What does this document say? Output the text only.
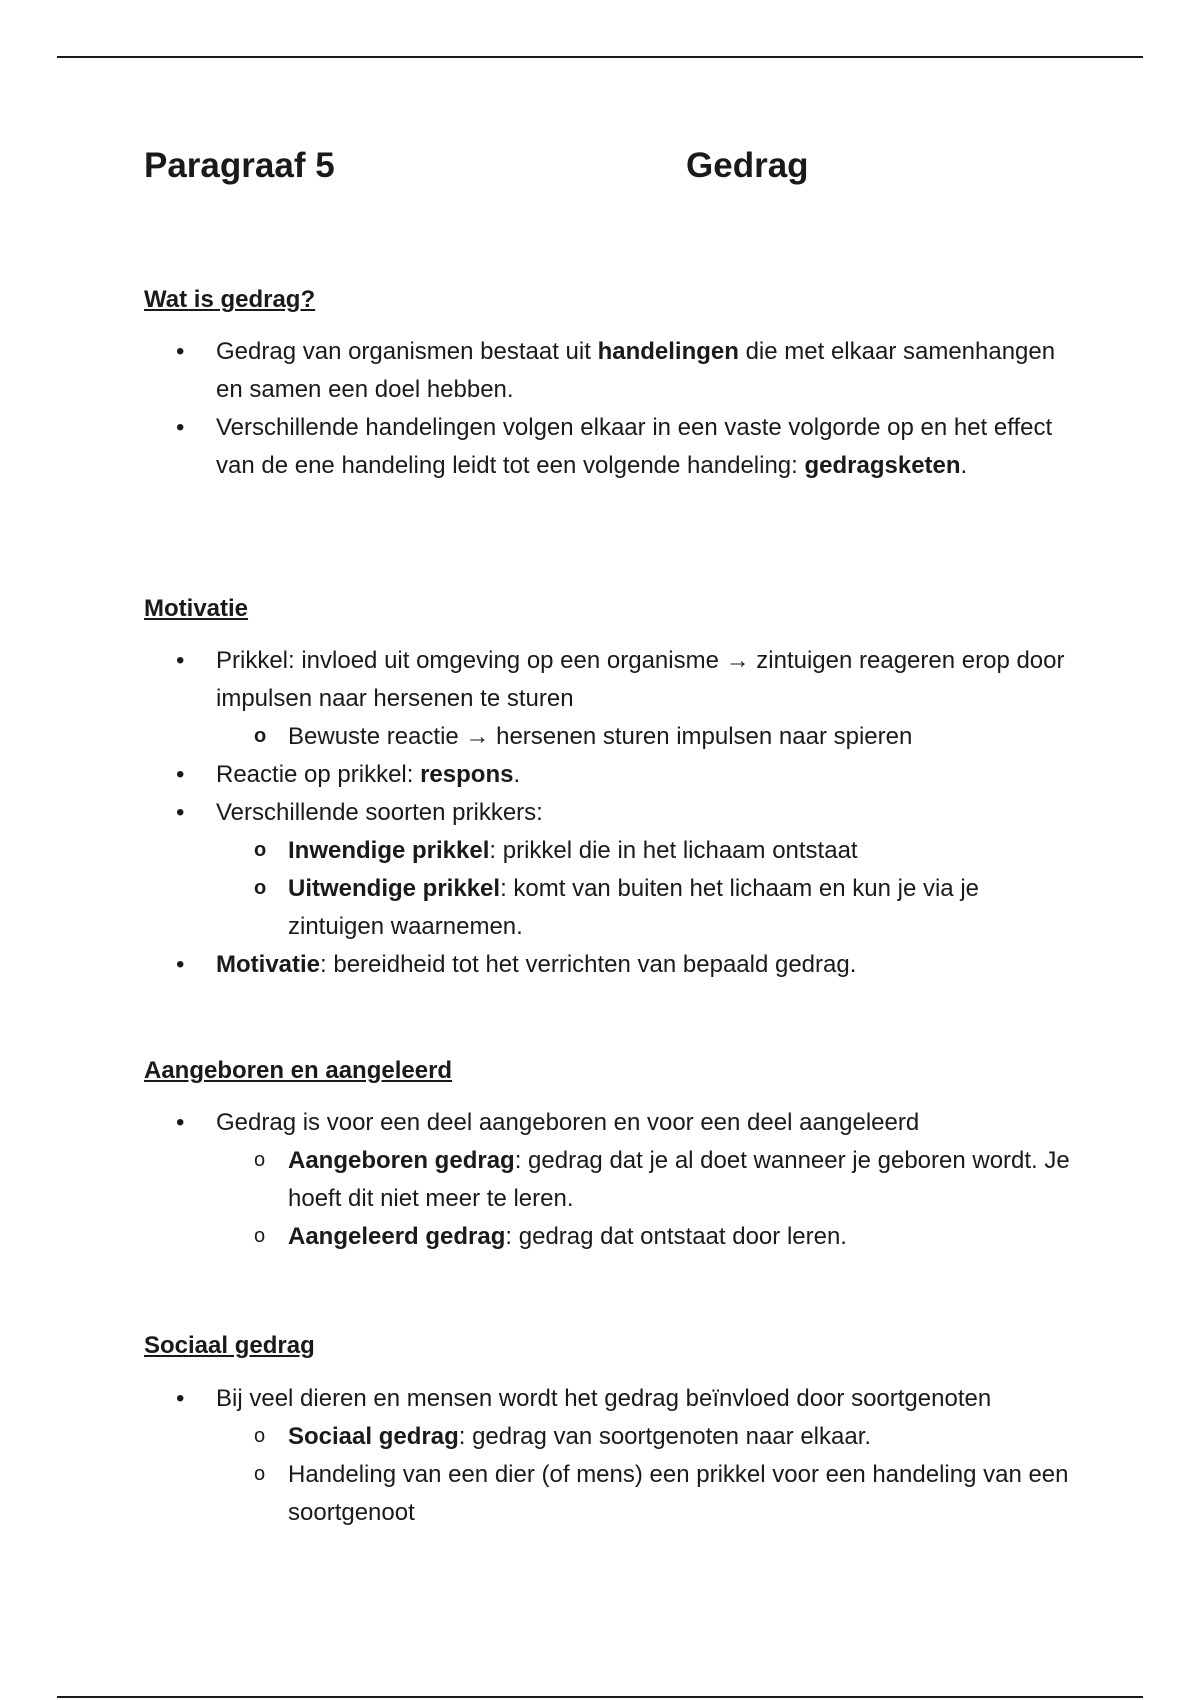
Paragraaf 5	Gedrag
Wat is gedrag?
• Gedrag van organismen bestaat uit handelingen die met elkaar samenhangen en samen een doel hebben.
• Verschillende handelingen volgen elkaar in een vaste volgorde op en het effect van de ene handeling leidt tot een volgende handeling: gedragsketen.
Motivatie
• Prikkel: invloed uit omgeving op een organisme → zintuigen reageren erop door impulsen naar hersenen te sturen
o Bewuste reactie → hersenen sturen impulsen naar spieren
• Reactie op prikkel: respons.
• Verschillende soorten prikkers:
o Inwendige prikkel: prikkel die in het lichaam ontstaat
o Uitwendige prikkel: komt van buiten het lichaam en kun je via je zintuigen waarnemen.
• Motivatie: bereidheid tot het verrichten van bepaald gedrag.
Aangeboren en aangeleerd
• Gedrag is voor een deel aangeboren en voor een deel aangeleerd
o Aangeboren gedrag: gedrag dat je al doet wanneer je geboren wordt. Je hoeft dit niet meer te leren.
o Aangeleerd gedrag: gedrag dat ontstaat door leren.
Sociaal gedrag
• Bij veel dieren en mensen wordt het gedrag beïnvloed door soortgenoten
o Sociaal gedrag: gedrag van soortgenoten naar elkaar.
o Handeling van een dier (of mens) een prikkel voor een handeling van een soortgenoot
